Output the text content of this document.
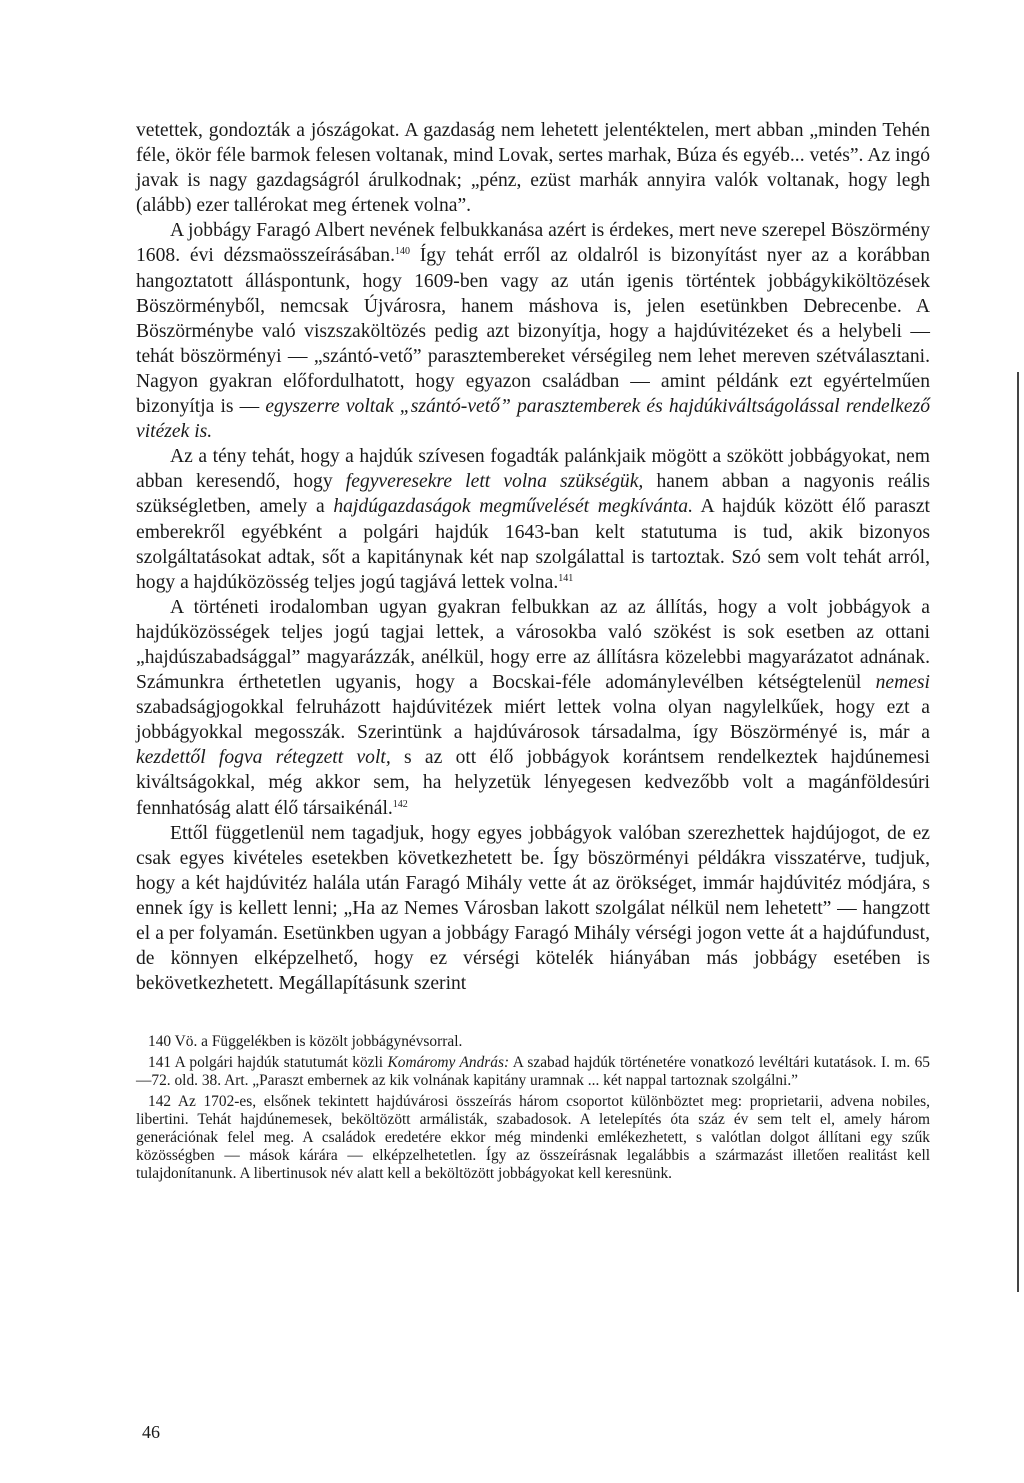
vetettek, gondozták a jószágokat. A gazdaság nem lehetett jelentéktelen, mert abban „minden Tehén féle, ökör féle barmok felesen voltanak, mind Lovak, sertes marhak, Búza és egyéb... vetés”. Az ingó javak is nagy gazdagságról árulkodnak; „pénz, ezüst marhák annyira valók voltanak, hogy legh (alább) ezer tallérokat meg értenek volna”.

A jobbágy Faragó Albert nevének felbukkanása azért is érdekes, mert neve szerepel Böszörmény 1608. évi dézsmaösszeírásában.$^{140}$ Így tehát erről az oldalról is bizonyítást nyer az a korábban hangoztatott álláspontunk, hogy 1609-ben vagy az után igenis történtek jobbágykiköltözések Böszörményből, nemcsak Újvárosra, hanem máshova is, jelen esetünkben Debrecenbe. A Böszörménybe való viszszaköltözés pedig azt bizonyítja, hogy a hajdúvitézeket és a helybeli — tehát böszörményi — „szántó-vető” parasztembereket vérségileg nem lehet mereven szétválasztani. Nagyon gyakran előfordulhatott, hogy egyazon családban — amint példánk ezt egyértelműen bizonyítja is — egyszerre voltak „szántó-vető” parasztemberek és hajdúkiváltságolással rendelkező vitézek is.

Az a tény tehát, hogy a hajdúk szívesen fogadták palánkjaik mögött a szökött jobbágyokat, nem abban keresendő, hogy fegyveresekre lett volna szükségük, hanem abban a nagyonis reális szükségletben, amely a hajdúgazdaságok megművelését megkívánta. A hajdúk között élő paraszt emberekről egyébként a polgári hajdúk 1643-ban kelt statutuma is tud, akik bizonyos szolgáltatásokat adtak, sőt a kapitánynak két nap szolgálattal is tartoztak. Szó sem volt tehát arról, hogy a hajdúközösség teljes jogú tagjává lettek volna.$^{141}$

A történeti irodalomban ugyan gyakran felbukkan az az állítás, hogy a volt jobbágyok a hajdúközösségek teljes jogú tagjai lettek, a városokba való szökést is sok esetben az ottani „hajdúszabadsággal” magyarázzák, anélkül, hogy erre az állításra közelebbi magyarázatot adnának. Számunkra érthetetlen ugyanis, hogy a Bocskai-féle adománylevélben kétségtelenül nemesi szabadságjogokkal felruházott hajdúvitézek miért lettek volna olyan nagylelkűek, hogy ezt a jobbágyokkal megosszák. Szerintünk a hajdúvárosok társadalma, így Böszörményé is, már a kezdettől fogva rétegzett volt, s az ott élő jobbágyok korántsem rendelkeztek hajdúnemesi kiváltságokkal, még akkor sem, ha helyzetük lényegesen kedvezőbb volt a magánföldesúri fennhatóság alatt élő társaikénál.$^{142}$

Ettől függetlenül nem tagadjuk, hogy egyes jobbágyok valóban szerezhettek hajdújogot, de ez csak egyes kivételes esetekben következhetett be. Így böszörményi példákra visszatérve, tudjuk, hogy a két hajdúvitéz halála után Faragó Mihály vette át az örökséget, immár hajdúvitéz módjára, s ennek így is kellett lenni; „Ha az Nemes Városban lakott szolgálat nélkül nem lehetett” — hangzott el a per folyamán. Esetünkben ugyan a jobbágy Faragó Mihály vérségi jogon vette át a hajdúfundust, de könnyen elképzelhető, hogy ez vérségi kötelék hiányában más jobbágy esetében is bekövetkezhetett. Megállapításunk szerint

140 Vö. a Függelékben is közölt jobbágynévsorral.

141 A polgári hajdúk statutumát közli Komáromy András: A szabad hajdúk történetére vonatkozó levéltári kutatások. I. m. 65—72. old. 38. Art. „Paraszt embernek az kik volnának kapitány uramnak ... két nappal tartoznak szolgálni.”

142 Az 1702-es, elsőnek tekintett hajdúvárosi összeírás három csoportot különböztet meg: proprietarii, advena nobiles, libertini. Tehát hajdúnemesek, beköltözött armálisták, szabadosok. A letelepítés óta száz év sem telt el, amely három generációnak felel meg. A családok eredetére ekkor még mindenki emlékezhetett, s valótlan dolgot állítani egy szűk közösségben — mások kárára — elképzelhetetlen. Így az összeírásnak legalábbis a származást illetően realitást kell tulajdonítanunk. A libertinusok név alatt kell a beköltözött jobbágyokat kell keresnünk.

46
